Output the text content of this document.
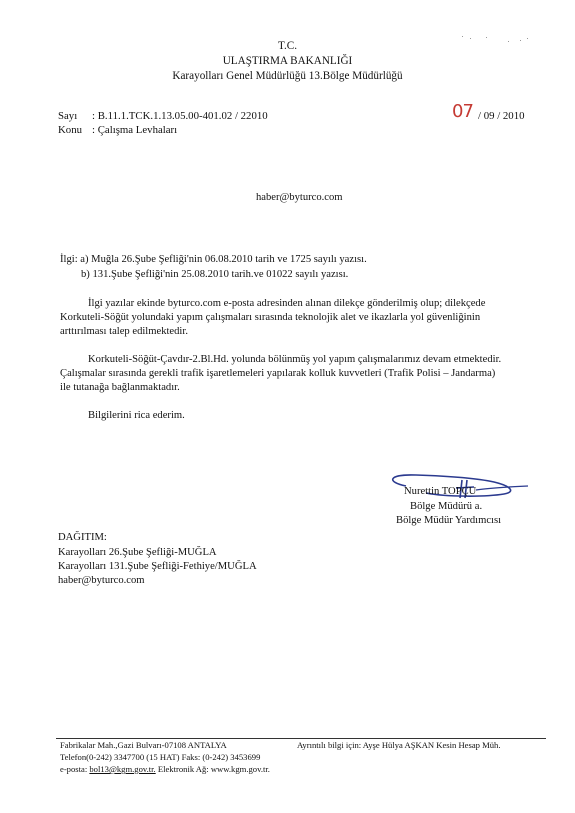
T.C.
ULAŞTIRMA BAKANLIĞI
Karayolları Genel Müdürlüğü 13.Bölge Müdürlüğü
Sayı : B.11.1.TCK.1.13.05.00-401.02 / 22010
Konu : Çalışma Levhaları
07 / 09 / 2010
haber@byturco.com
İlgi: a) Muğla 26.Şube Şefliği'nin 06.08.2010 tarih ve 1725 sayılı yazısı.
b) 131.Şube Şefliği'nin 25.08.2010 tarih.ve 01022 sayılı yazısı.
İlgi yazılar ekinde byturco.com e-posta adresinden alınan dilekçe gönderilmiş olup; dilekçede
Korkuteli-Söğüt yolundaki yapım çalışmaları sırasında teknolojik alet ve ikazlarla yol güvenliğinin
arttırılması talep edilmektedir.
Korkuteli-Söğüt-Çavdır-2.Bl.Hd. yolunda bölünmüş yol yapım çalışmalarımız devam etmektedir.
Çalışmalar sırasında gerekli trafik işaretlemeleri yapılarak kolluk kuvvetleri (Trafik Polisi – Jandarma)
ile tutanağa bağlanmaktadır.
Bilgilerini rica ederim.
Nurettin TOPÇU
Bölge Müdürü a.
Bölge Müdür Yardımcısı
DAĞITIM:
Karayolları 26.Şube Şefliği-MUĞLA
Karayolları 131.Şube Şefliği-Fethiye/MUĞLA
haber@byturco.com
Fabrikalar Mah.,Gazi Bulvarı-07108 ANTALYA	Ayrıntılı bilgi için: Ayşe Hülya AŞKAN Kesin Hesap Müh.
Telefon(0-242) 3347700 (15 HAT) Faks: (0-242) 3453699
e-posta: bol13@kgm.gov.tr. Elektronik Ağ: www.kgm.gov.tr.
